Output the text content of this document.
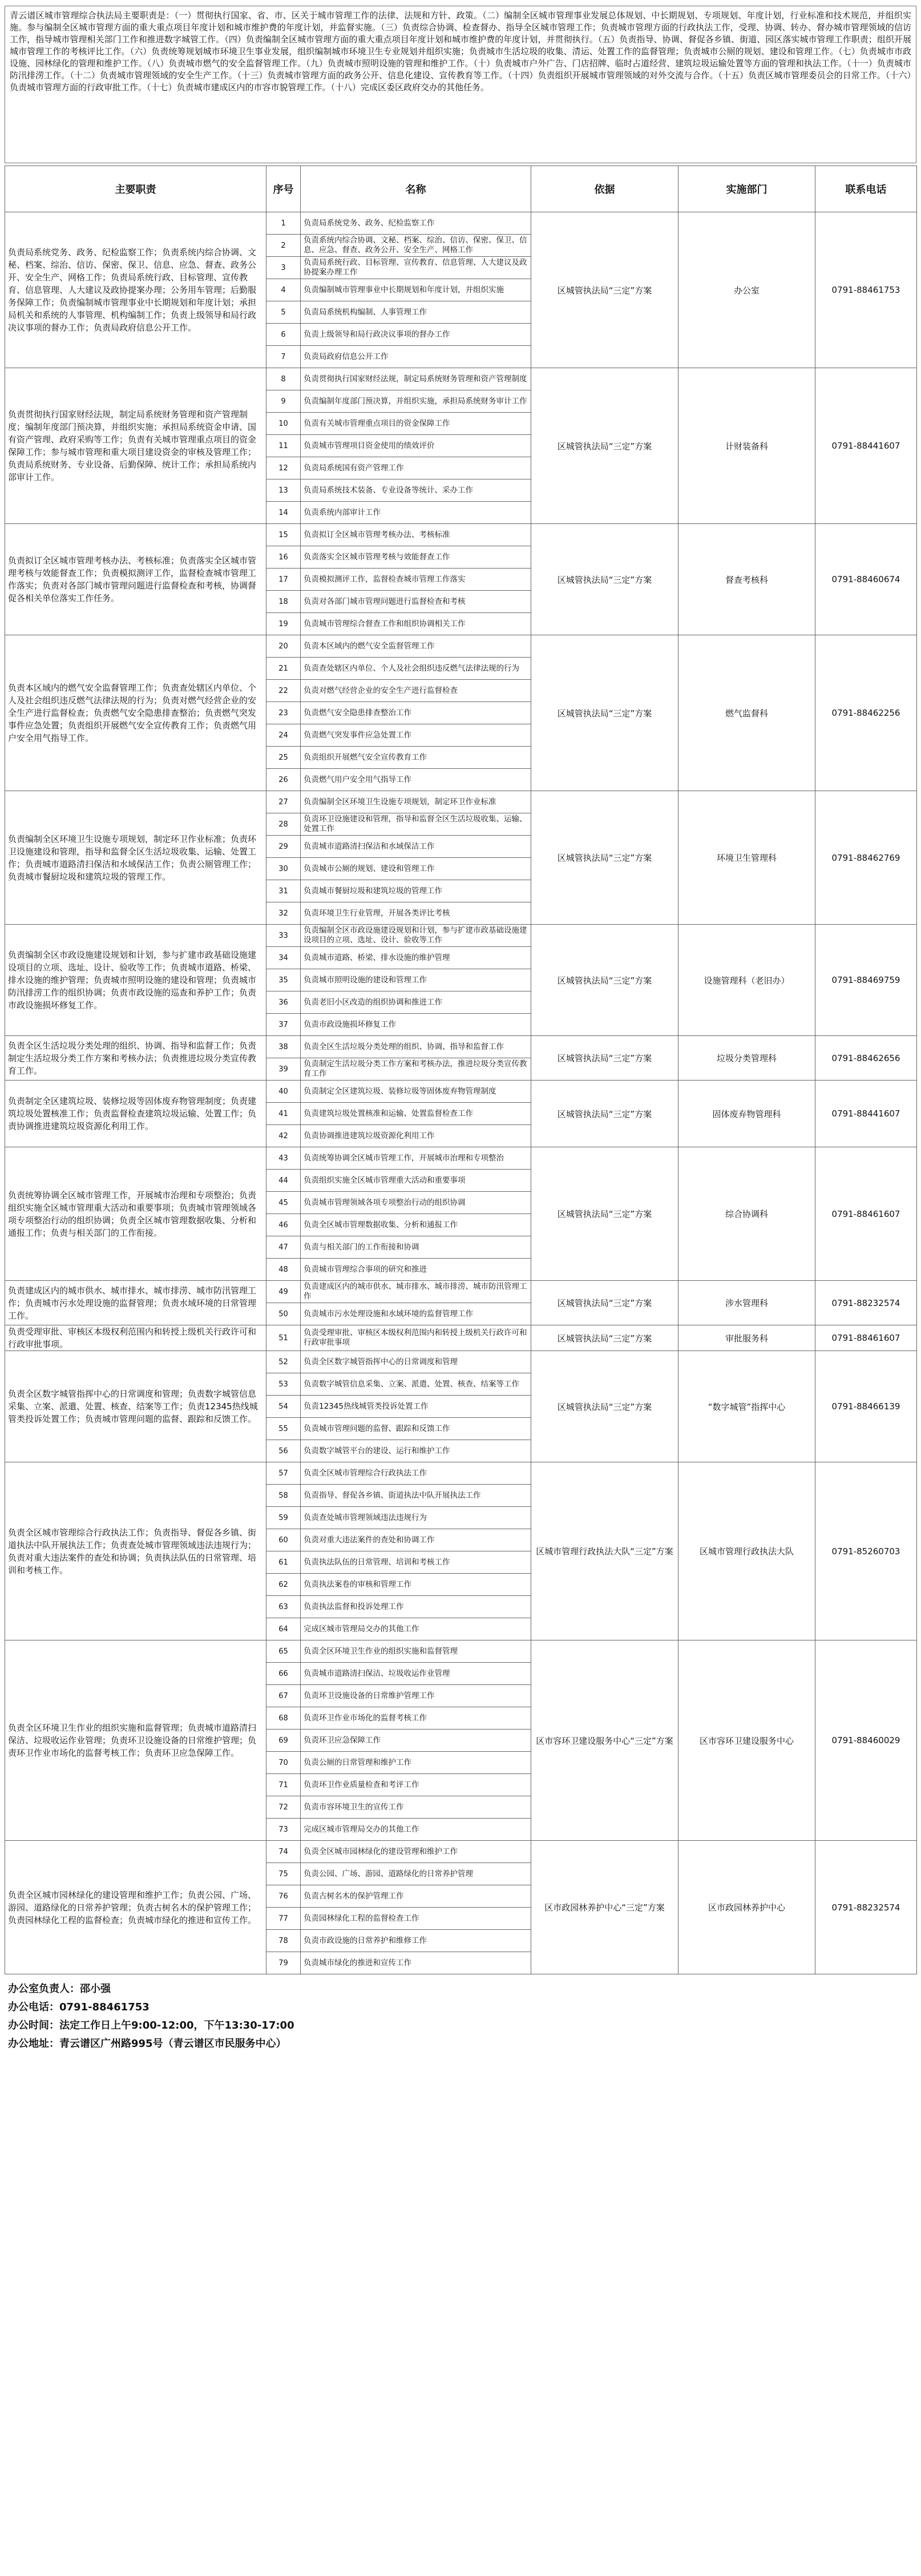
青云谱区城市管理综合执法局主要职责是：（一）贯彻执行国家、省、市、区关于城市管理工作的法律、法规和方针、政策。（二）编制全区城市管理事业发展总体规划、中长期规划、专项规划、年度计划，行业标准和技术规范，并组织实施。参与编制全区城市管理方面的重大重点项目年度计划和城市维护费的年度计划，并监督实施。（三）负责综合协调、检查督办、指导全区城市管理工作；负责城市管理方面的行政执法工作，受理、协调、转办、督办城市管理领域的信访工作，指导城市管理相关部门工作和推进数字城管工作。（四）负责编制全区城市管理方面的重大重点项目年度计划和城市维护费的年度计划，并贯彻执行。（五）负责指导、协调、督促各乡镇、街道、园区落实城市管理工作职责；组织开展城市管理工作的考核评比工作。（六）负责统筹规划城市环境卫生事业发展，组织编制城市环境卫生专业规划并组织实施；负责城市生活垃圾的收集、清运、处置工作的监督管理；负责城市公厕的规划、建设和管理工作。（七）负责城市市政设施、园林绿化的管理和维护工作。（八）负责城市燃气的安全监督管理工作。（九）负责城市照明设施的管理和维护工作。（十）负责城市户外广告、门店招牌、临时占道经营、建筑垃圾运输处置等方面的管理和执法工作。（十一）负责城市防汛排涝工作。（十二）负责城市管理领域的安全生产工作。（十三）负责城市管理方面的政务公开、信息化建设、宣传教育等工作。（十四）负责组织开展城市管理领域的对外交流与合作。（十五）负责区城市管理委员会的日常工作。（十六）负责城市管理方面的行政审批工作。（十七）负责城市建成区内的市容市貌管理工作。（十八）完成区委区政府交办的其他任务。
主要职责	序号	名称	依据	实施部门	联系电话
负责局系统党务、政务、纪检监察工作；负责系统内综合协调、文秘、档案、综治、信访、保密、保卫、信息、应急、督查、政务公开、安全生产、网格工作；负责局系统行政、目标管理、宣传教育、信息管理、人大建议及政协提案办理；公务用车管理；后勤服务保障工作；负责编制城市管理事业中长期规划和年度计划；承担局机关和系统的人事管理、机构编制工作；负责上级领导和局行政决议事项的督办工作；负责局政府信息公开工作。	1	负责局系统党务、政务、纪检监察工作	区城管执法局“三定”方案	办公室	0791-88461753
	2	负责系统内综合协调、文秘、档案、综治、信访、保密、保卫、信息、应急、督查、政务公开、安全生产、网格工作			
	3	负责局系统行政、目标管理、宣传教育、信息管理、人大建议及政协提案办理工作			
	4	负责编制城市管理事业中长期规划和年度计划，并组织实施			
	5	负责局系统机构编制、人事管理工作			
	6	负责上级领导和局行政决议事项的督办工作			
	7	负责局政府信息公开工作			
负责贯彻执行国家财经法规，制定局系统财务管理和资产管理制度；编制年度部门预决算，并组织实施；承担局系统资金申请、国有资产管理、政府采购等工作；负责有关城市管理重点项目的资金保障工作；参与城市管理和重大项目建设资金的审核及管理工作；负责局系统财务、专业设备、后勤保障、统计工作；承担局系统内部审计工作。	8	负责贯彻执行国家财经法规，制定局系统财务管理和资产管理制度	区城管执法局“三定”方案	计财装备科	0791-88441607
	9	负责编制年度部门预决算，并组织实施，承担局系统财务审计工作			
	10	负责有关城市管理重点项目的资金保障工作			
	11	负责城市管理项目资金使用的绩效评价			
	12	负责局系统国有资产管理工作			
	13	负责局系统技术装备、专业设备等统计、采办工作			
	14	负责系统内部审计工作			
负责拟订全区城市管理考核办法、考核标准；负责落实全区城市管理考核与效能督查工作；负责模拟测评工作，监督检查城市管理工作落实；负责对各部门城市管理问题进行监督检查和考核，协调督促各相关单位落实工作任务。	15	负责拟订全区城市管理考核办法、考核标准	区城管执法局“三定”方案	督查考核科	0791-88460674
	16	负责落实全区城市管理考核与效能督查工作			
	17	负责模拟测评工作，监督检查城市管理工作落实			
	18	负责对各部门城市管理问题进行监督检查和考核			
	19	负责城市管理综合督查工作和组织协调相关工作			
负责本区域内的燃气安全监督管理工作；负责查处辖区内单位、个人及社会组织违反燃气法律法规的行为；负责对燃气经营企业的安全生产进行监督检查；负责燃气安全隐患排查整治；负责燃气突发事件应急处置；负责组织开展燃气安全宣传教育工作；负责燃气用户安全用气指导工作。	20	负责本区域内的燃气安全监督管理工作	区城管执法局“三定”方案	燃气监督科	0791-88462256
	21	负责查处辖区内单位、个人及社会组织违反燃气法律法规的行为			
	22	负责对燃气经营企业的安全生产进行监督检查			
	23	负责燃气安全隐患排查整治工作			
	24	负责燃气突发事件应急处置工作			
	25	负责组织开展燃气安全宣传教育工作			
	26	负责燃气用户安全用气指导工作			
负责编制全区环境卫生设施专项规划，制定环卫作业标准；负责环卫设施建设和管理，指导和监督全区生活垃圾收集、运输、处置工作；负责城市道路清扫保洁和水域保洁工作；负责公厕管理工作；负责城市餐厨垃圾和建筑垃圾的管理工作。	27	负责编制全区环境卫生设施专项规划，制定环卫作业标准	区城管执法局“三定”方案	环境卫生管理科	0791-88462769
	28	负责环卫设施建设和管理，指导和监督全区生活垃圾收集、运输、处置工作			
	29	负责城市道路清扫保洁和水域保洁工作			
	30	负责城市公厕的规划、建设和管理工作			
	31	负责城市餐厨垃圾和建筑垃圾的管理工作			
	32	负责环境卫生行业管理，开展各类评比考核			
负责编制全区市政设施建设规划和计划，参与扩建市政基础设施建设项目的立项、选址、设计、验收等工作；负责城市道路、桥梁、排水设施的维护管理；负责城市照明设施的建设和管理；负责城市防汛排涝工作的组织协调；负责市政设施的巡查和养护工作；负责市政设施损坏修复工作。	33	负责编制全区市政设施建设规划和计划，参与扩建市政基础设施建设项目的立项、选址、设计、验收等工作	区城管执法局“三定”方案	设施管理科（老旧办）	0791-88469759
	34	负责城市道路、桥梁、排水设施的维护管理			
	35	负责城市照明设施的建设和管理工作			
	36	负责老旧小区改造的组织协调和推进工作			
	37	负责市政设施损坏修复工作			
负责全区生活垃圾分类处理的组织、协调、指导和监督工作；负责制定生活垃圾分类工作方案和考核办法；负责推进垃圾分类宣传教育工作。	38	负责全区生活垃圾分类处理的组织、协调、指导和监督工作	区城管执法局“三定”方案	垃圾分类管理科	0791-88462656
	39	负责制定生活垃圾分类工作方案和考核办法，推进垃圾分类宣传教育工作			
负责制定全区建筑垃圾、装修垃圾等固体废弃物管理制度；负责建筑垃圾处置核准工作；负责监督检查建筑垃圾运输、处置工作；负责协调推进建筑垃圾资源化利用工作。	40	负责制定全区建筑垃圾、装修垃圾等固体废弃物管理制度	区城管执法局“三定”方案	固体废弃物管理科	0791-88441607
	41	负责建筑垃圾处置核准和运输、处置监督检查工作			
	42	负责协调推进建筑垃圾资源化利用工作			
负责统筹协调全区城市管理工作，开展城市治理和专项整治；负责组织实施全区城市管理重大活动和重要事项；负责城市管理领域各项专项整治行动的组织协调；负责全区城市管理数据收集、分析和通报工作；负责与相关部门的工作衔接。	43	负责统筹协调全区城市管理工作，开展城市治理和专项整治	区城管执法局“三定”方案	综合协调科	0791-88461607
	44	负责组织实施全区城市管理重大活动和重要事项			
	45	负责城市管理领域各项专项整治行动的组织协调			
	46	负责全区城市管理数据收集、分析和通报工作			
	47	负责与相关部门的工作衔接和协调			
	48	负责城市管理综合事项的研究和推进			
负责建成区内的城市供水、城市排水、城市排涝、城市防汛管理工作；负责城市污水处理设施的监督管理；负责水域环境的日常管理工作。	49	负责建成区内的城市供水、城市排水、城市排涝、城市防汛管理工作	区城管执法局“三定”方案	涉水管理科	0791-88232574
	50	负责城市污水处理设施和水域环境的监督管理工作			
负责受理审批、审核区本级权利范围内和转授上级机关行政许可和行政审批事项。	51	负责受理审批、审核区本级权利范围内和转授上级机关行政许可和行政审批事项	区城管执法局“三定”方案	审批服务科	0791-88461607
负责全区数字城管指挥中心的日常调度和管理；负责数字城管信息采集、立案、派遣、处置、核查、结案等工作；负责12345热线城管类投诉处置工作；负责城市管理问题的监督、跟踪和反馈工作。	52	负责全区数字城管指挥中心的日常调度和管理	区城管执法局“三定”方案	“数字城管”指挥中心	0791-88466139
	53	负责数字城管信息采集、立案、派遣、处置、核查、结案等工作			
	54	负责12345热线城管类投诉处置工作			
	55	负责城市管理问题的监督、跟踪和反馈工作			
	56	负责数字城管平台的建设、运行和维护工作			
负责全区城市管理综合行政执法工作；负责指导、督促各乡镇、街道执法中队开展执法工作；负责查处城市管理领域违法违规行为；负责对重大违法案件的查处和协调；负责执法队伍的日常管理、培训和考核工作。	57	负责全区城市管理综合行政执法工作	区城市管理行政执法大队“三定”方案	区城市管理行政执法大队	0791-85260703
	58	负责指导、督促各乡镇、街道执法中队开展执法工作			
	59	负责查处城市管理领域违法违规行为			
	60	负责对重大违法案件的查处和协调工作			
	61	负责执法队伍的日常管理、培训和考核工作			
	62	负责执法案卷的审核和管理工作			
	63	负责执法监督和投诉处理工作			
	64	完成区城市管理局交办的其他工作			
负责全区环境卫生作业的组织实施和监督管理；负责城市道路清扫保洁、垃圾收运作业管理；负责环卫设施设备的日常维护管理；负责环卫作业市场化的监督考核工作；负责环卫应急保障工作。	65	负责全区环境卫生作业的组织实施和监督管理	区市容环卫建设服务中心“三定”方案	区市容环卫建设服务中心	0791-88460029
	66	负责城市道路清扫保洁、垃圾收运作业管理			
	67	负责环卫设施设备的日常维护管理工作			
	68	负责环卫作业市场化的监督考核工作			
	69	负责环卫应急保障工作			
	70	负责公厕的日常管理和维护工作			
	71	负责环卫作业质量检查和考评工作			
	72	负责市容环境卫生的宣传工作			
	73	完成区城市管理局交办的其他工作			
负责全区城市园林绿化的建设管理和维护工作；负责公园、广场、游园、道路绿化的日常养护管理；负责古树名木的保护管理工作；负责园林绿化工程的监督检查；负责城市绿化的推进和宣传工作。	74	负责全区城市园林绿化的建设管理和维护工作	区市政园林养护中心“三定”方案	区市政园林养护中心	0791-88232574
	75	负责公园、广场、游园、道路绿化的日常养护管理			
	76	负责古树名木的保护管理工作			
	77	负责园林绿化工程的监督检查工作			
	78	负责市政设施的日常养护和维修工作			
	79	负责城市绿化的推进和宣传工作			
办公室负责人：邵小强
办公电话：0791-88461753
办公时间：法定工作日上午9:00-12:00，下午13:30-17:00
办公地址：青云谱区广州路995号（青云谱区市民服务中心）
